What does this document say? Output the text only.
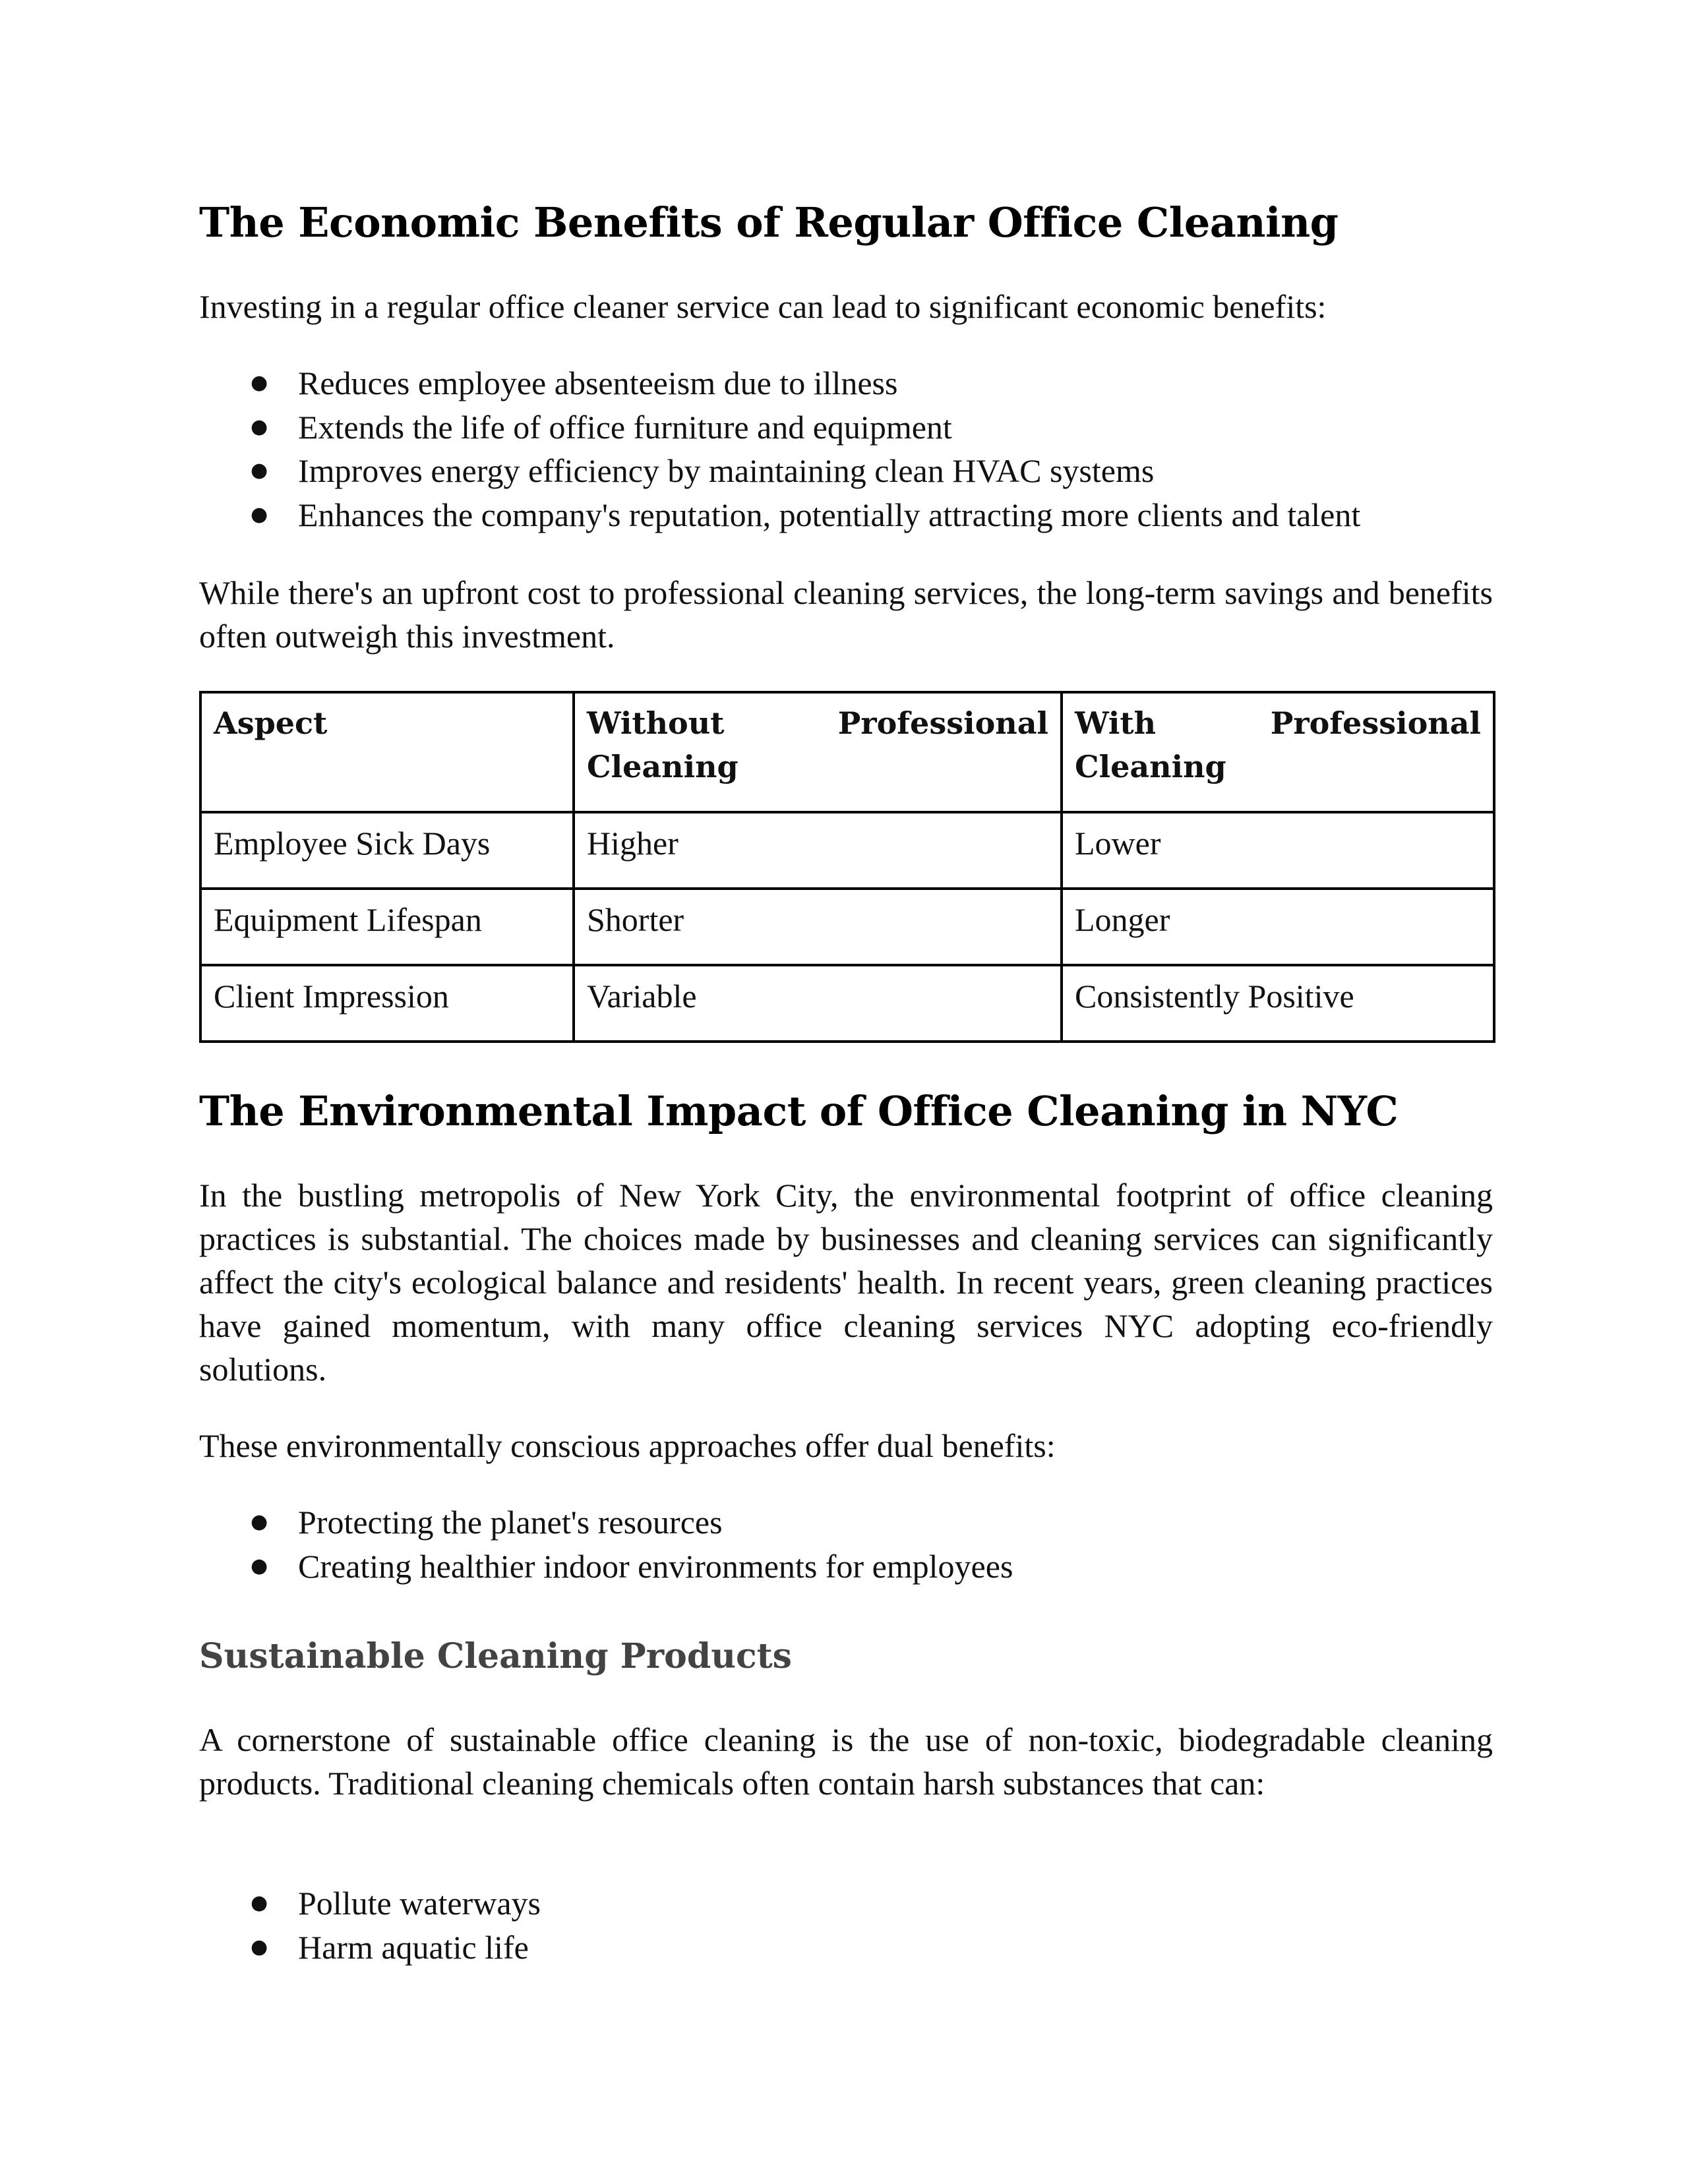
The Economic Benefits of Regular Office Cleaning

Investing in a regular office cleaner service can lead to significant economic benefits:

● Reduces employee absenteeism due to illness
● Extends the life of office furniture and equipment
● Improves energy efficiency by maintaining clean HVAC systems
● Enhances the company's reputation, potentially attracting more clients and talent

While there's an upfront cost to professional cleaning services, the long-term savings and benefits often outweigh this investment.

Aspect	Without Professional Cleaning	With Professional Cleaning
Employee Sick Days	Higher	Lower
Equipment Lifespan	Shorter	Longer
Client Impression	Variable	Consistently Positive
The Environmental Impact of Office Cleaning in NYC

In the bustling metropolis of New York City, the environmental footprint of office cleaning practices is substantial. The choices made by businesses and cleaning services can significantly affect the city's ecological balance and residents' health. In recent years, green cleaning practices have gained momentum, with many office cleaning services NYC adopting eco-friendly solutions.

These environmentally conscious approaches offer dual benefits:

● Protecting the planet's resources
● Creating healthier indoor environments for employees
Sustainable Cleaning Products

A cornerstone of sustainable office cleaning is the use of non-toxic, biodegradable cleaning products. Traditional cleaning chemicals often contain harsh substances that can:

● Pollute waterways
● Harm aquatic life
